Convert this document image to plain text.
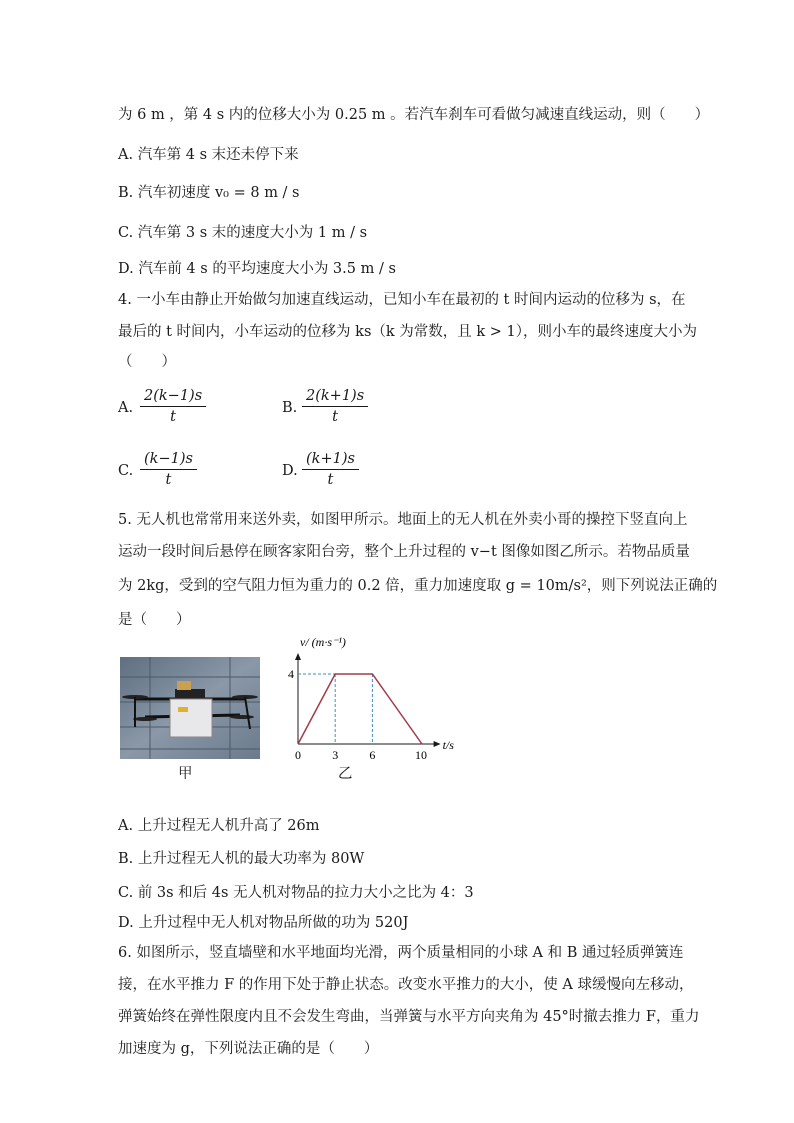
为 6 m ，第 4 s 内的位移大小为 0.25 m 。若汽车刹车可看做匀减速直线运动，则（　　）
A. 汽车第 4 s 末还未停下来
B. 汽车初速度 v₀ = 8 m / s
C. 汽车第 3 s 末的速度大小为 1 m / s
D. 汽车前 4 s 的平均速度大小为 3.5 m / s
4. 一小车由静止开始做匀加速直线运动，已知小车在最初的 t 时间内运动的位移为 s，在
最后的 t 时间内，小车运动的位移为 ks（k 为常数，且 k > 1），则小车的最终速度大小为
（　　）
A. $\frac{2(k-1)s}{t}$	B. $\frac{2(k+1)s}{t}$
C. $\frac{(k-1)s}{t}$	D. $\frac{(k+1)s}{t}$
5. 无人机也常常用来送外卖，如图甲所示。地面上的无人机在外卖小哥的操控下竖直向上
运动一段时间后悬停在顾客家阳台旁，整个上升过程的 v−t 图像如图乙所示。若物品质量
为 2kg，受到的空气阻力恒为重力的 0.2 倍，重力加速度取 g = 10m/s²，则下列说法正确的
是（　　）
甲
v/ (m·s⁻¹)
t/s
4
0	3	6	10
乙
A. 上升过程无人机升高了 26m
B. 上升过程无人机的最大功率为 80W
C. 前 3s 和后 4s 无人机对物品的拉力大小之比为 4：3
D. 上升过程中无人机对物品所做的功为 520J
6. 如图所示，竖直墙壁和水平地面均光滑，两个质量相同的小球 A 和 B 通过轻质弹簧连
接，在水平推力 F 的作用下处于静止状态。改变水平推力的大小，使 A 球缓慢向左移动，
弹簧始终在弹性限度内且不会发生弯曲，当弹簧与水平方向夹角为 45°时撤去推力 F，重力
加速度为 g，下列说法正确的是（　　）
